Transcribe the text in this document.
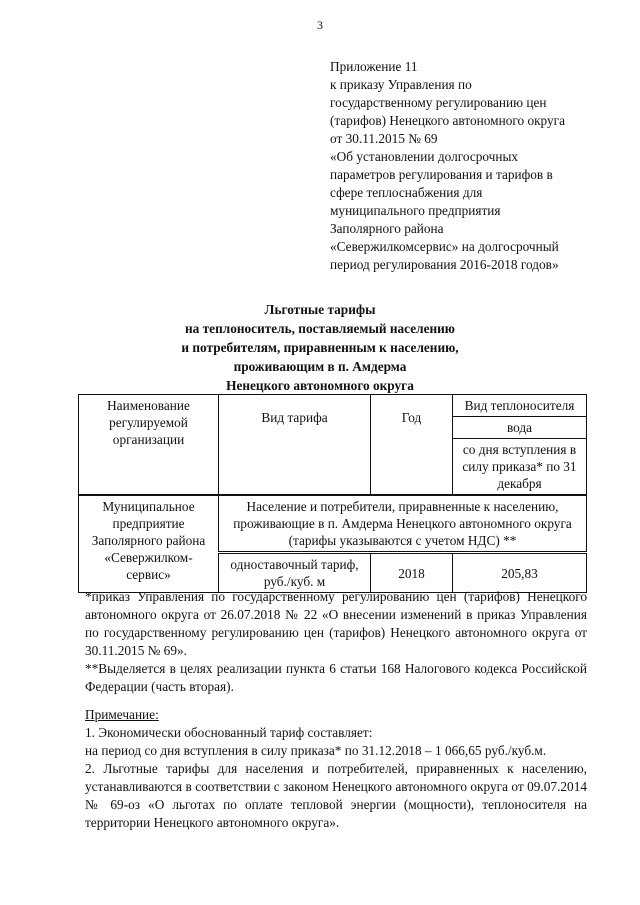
3
Приложение 11
к приказу Управления по
государственному регулированию цен
(тарифов) Ненецкого автономного округа
от 30.11.2015 № 69
«Об установлении долгосрочных
параметров регулирования и тарифов в
сфере теплоснабжения для
муниципального предприятия
Заполярного района
«Севержилкомсервис» на долгосрочный
период регулирования 2016-2018 годов»
Льготные тарифы
на теплоноситель, поставляемый населению
и потребителям, приравненным к населению,
проживающим в п. Амдерма
Ненецкого автономного округа
Наименование регулируемой организации	Вид тарифа	Год	Вид теплоносителя
			вода
			со дня вступления в силу приказа* по 31 декабря
Муниципальное предприятие Заполярного района «Севержилком-сервис»	Население и потребители, приравненные к населению, проживающие в п. Амдерма Ненецкого автономного округа (тарифы указываются с учетом НДС) **		
	одноставочный тариф, руб./куб. м	2018	205,83

*приказ Управления по государственному регулированию цен (тарифов) Ненецкого автономного округа от 26.07.2018 № 22 «О внесении изменений в приказ Управления по государственному регулированию цен (тарифов) Ненецкого автономного округа от 30.11.2015 № 69».

**Выделяется в целях реализации пункта 6 статьи 168 Налогового кодекса Российской Федерации (часть вторая).

Примечание:

1. Экономически обоснованный тариф составляет:

на период со дня вступления в силу приказа* по 31.12.2018 – 1 066,65 руб./куб.м.

2. Льготные тарифы для населения и потребителей, приравненных к населению, устанавливаются в соответствии с законом Ненецкого автономного округа от 09.07.2014 № 69-оз «О льготах по оплате тепловой энергии (мощности), теплоносителя на территории Ненецкого автономного округа».
